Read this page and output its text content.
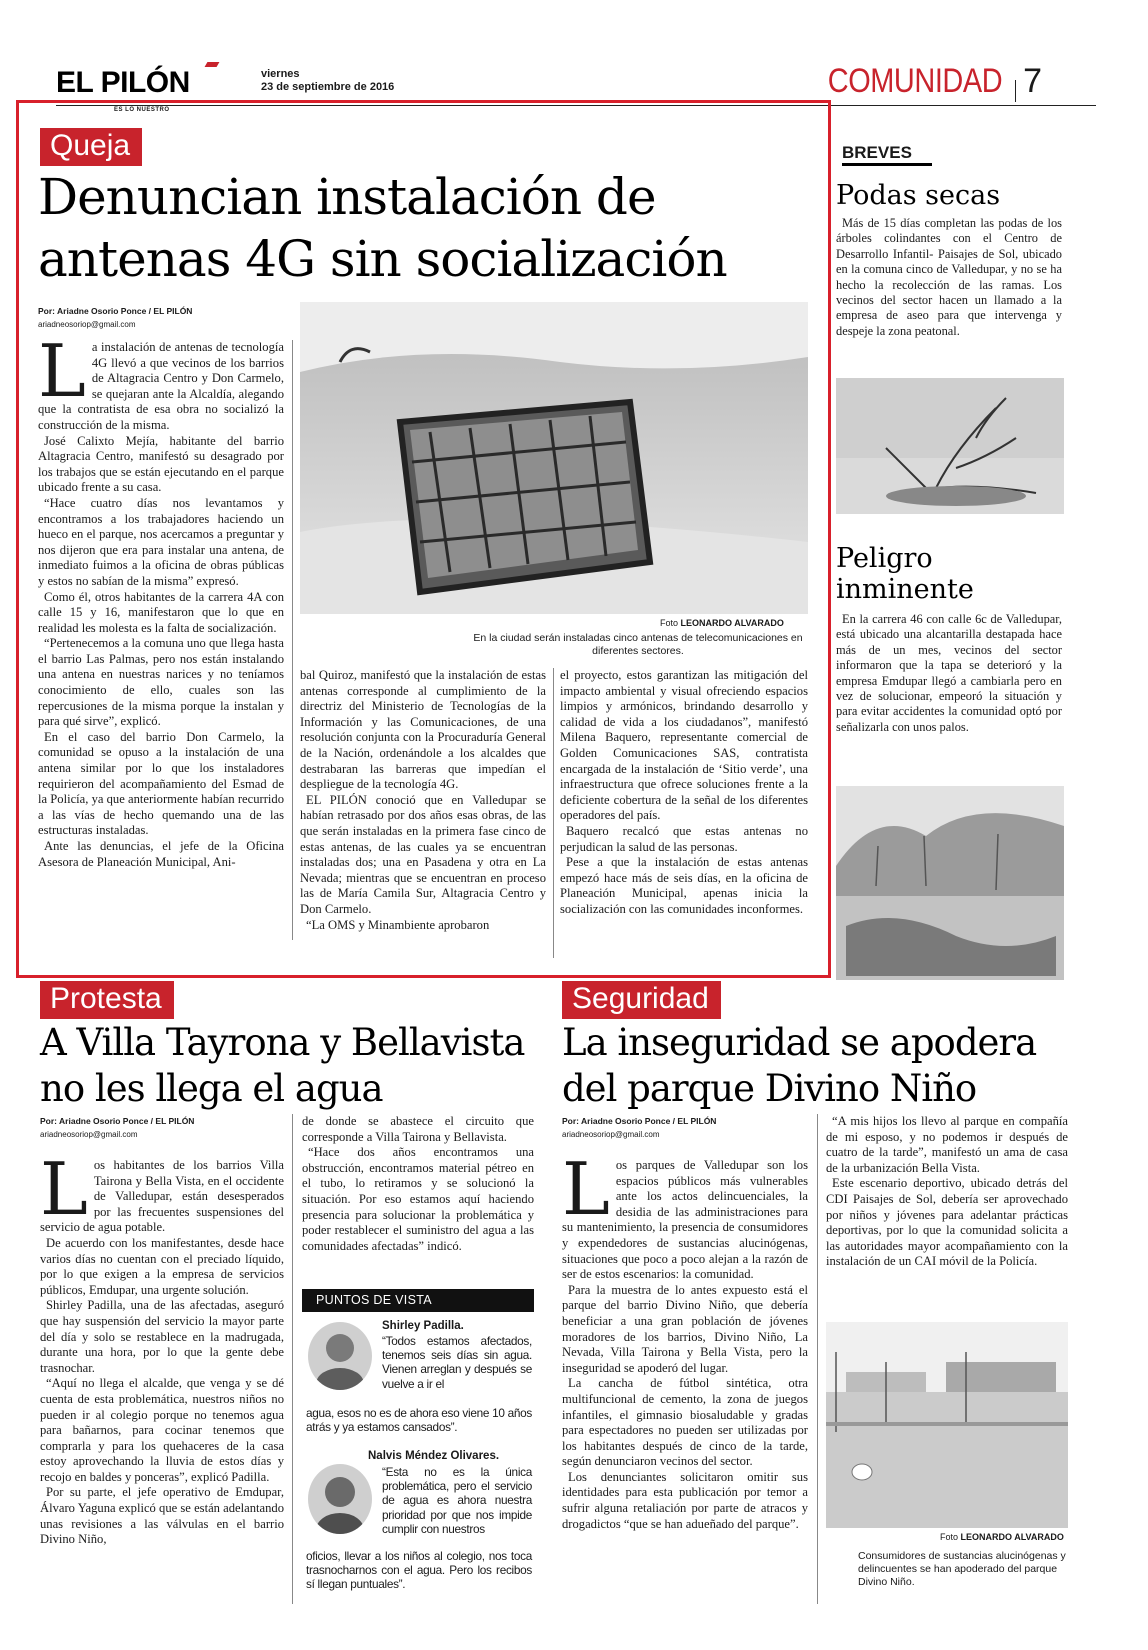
EL PILÓN
ES LO NUESTRO
viernes
23 de septiembre de 2016	COMUNIDAD 7
Queja
Denuncian instalación de
antenas 4G sin socialización
Por: Ariadne Osorio Ponce / EL PILÓN
ariadneosoriop@gmail.com

La instalación de antenas de tecnología 4G llevó a que vecinos de los barrios de Altagracia Centro y Don Carmelo, se quejaran ante la Alcaldía, alegando que la contratista de esa obra no socializó la construcción de la misma.

José Calixto Mejía, habitante del barrio Altagracia Centro, manifestó su desagrado por los trabajos que se están ejecutando en el parque ubicado frente a su casa.

“Hace cuatro días nos levantamos y encontramos a los trabajadores haciendo un hueco en el parque, nos acercamos a preguntar y nos dijeron que era para instalar una antena, de inmediato fuimos a la oficina de obras públicas y estos no sabían de la misma” expresó.

Como él, otros habitantes de la carrera 4A con calle 15 y 16, manifestaron que lo que en realidad les molesta es la falta de socialización.

“Pertenecemos a la comuna uno que llega hasta el barrio Las Palmas, pero nos están instalando una antena en nuestras narices y no teníamos conocimiento de ello, cuales son las repercusiones de la misma porque la instalan y para qué sirve”, explicó.

En el caso del barrio Don Carmelo, la comunidad se opuso a la instalación de una antena similar por lo que los instaladores requirieron del acompañamiento del Esmad de la Policía, ya que anteriormente habían recurrido a las vías de hecho quemando una de las estructuras instaladas.

Ante las denuncias, el jefe de la Oficina Asesora de Planeación Municipal, Ani-

Foto LEONARDO ALVARADO
En la ciudad serán instaladas cinco antenas de telecomunicaciones en diferentes sectores.

bal Quiroz, manifestó que la instalación de estas antenas corresponde al cumplimiento de la directriz del Ministerio de Tecnologías de la Información y las Comunicaciones, de una resolución conjunta con la Procuraduría General de la Nación, ordenándole a los alcaldes que destrabaran las barreras que impedían el despliegue de la tecnología 4G.

EL PILÓN conoció que en Valledupar se habían retrasado por dos años esas obras, de las que serán instaladas en la primera fase cinco de estas antenas, de las cuales ya se encuentran instaladas dos; una en Pasadena y otra en La Nevada; mientras que se encuentran en proceso las de María Camila Sur, Altagracia Centro y Don Carmelo.

“La OMS y Minambiente aprobaron

el proyecto, estos garantizan las mitigación del impacto ambiental y visual ofreciendo espacios limpios y armónicos, brindando desarrollo y calidad de vida a los ciudadanos”, manifestó Milena Baquero, representante comercial de Golden Comunicaciones SAS, contratista encargada de la instalación de ‘Sitio verde’, una infraestructura que ofrece soluciones frente a la deficiente cobertura de la señal de los diferentes operadores del país.

Baquero recalcó que estas antenas no perjudican la salud de las personas.

Pese a que la instalación de estas antenas empezó hace más de seis días, en la oficina de Planeación Municipal, apenas inicia la socialización con las comunidades inconformes.

BREVES
Podas secas

Más de 15 días completan las podas de los árboles colindantes con el Centro de Desarrollo Infantil- Paisajes de Sol, ubicado en la comuna cinco de Valledupar, y no se ha hecho la recolección de las ramas. Los vecinos del sector hacen un llamado a la empresa de aseo para que intervenga y despeje la zona peatonal.

Peligro
inminente

En la carrera 46 con calle 6c de Valledupar, está ubicado una alcantarilla destapada hace más de un mes, vecinos del sector informaron que la tapa se deterioró y la empresa Emdupar llegó a cambiarla pero en vez de solucionar, empeoró la situación y para evitar accidentes la comunidad optó por señalizarla con unos palos.

Protesta
A Villa Tayrona y Bellavista
no les llega el agua
Por: Ariadne Osorio Ponce / EL PILÓN
ariadneosoriop@gmail.com

Los habitantes de los barrios Villa Tairona y Bella Vista, en el occidente de Valledupar, están desesperados por las frecuentes suspensiones del servicio de agua potable.

De acuerdo con los manifestantes, desde hace varios días no cuentan con el preciado líquido, por lo que exigen a la empresa de servicios públicos, Emdupar, una urgente solución.

Shirley Padilla, una de las afectadas, aseguró que hay suspensión del servicio la mayor parte del día y solo se restablece en la madrugada, durante una hora, por lo que la gente debe trasnochar.

“Aquí no llega el alcalde, que venga y se dé cuenta de esta problemática, nuestros niños no pueden ir al colegio porque no tenemos agua para bañarnos, para cocinar tenemos que comprarla y para los quehaceres de la casa estoy aprovechando la lluvia de estos días y recojo en baldes y ponceras”, explicó Padilla.

Por su parte, el jefe operativo de Emdupar, Álvaro Yaguna explicó que se están adelantando unas revisiones a las válvulas en el barrio Divino Niño,

de donde se abastece el circuito que corresponde a Villa Tairona y Bellavista.

“Hace dos años encontramos una obstrucción, encontramos material pétreo en el tubo, lo retiramos y se solucionó la situación. Por eso estamos aquí haciendo presencia para solucionar la problemática y poder restablecer el suministro del agua a las comunidades afectadas” indicó.

PUNTOS DE VISTA
Shirley Padilla.
“Todos estamos afectados, tenemos seis días sin agua. Vienen arreglan y después se vuelve a ir el
agua, esos no es de ahora eso viene 10 años atrás y ya estamos cansados”.
Nalvis Méndez Olivares.
“Esta no es la única problemática, pero el servicio de agua es ahora nuestra prioridad por que nos impide cumplir con nuestros
oficios, llevar a los niños al colegio, nos toca trasnocharnos con el agua. Pero los recibos sí llegan puntuales”.
Seguridad
La inseguridad se apodera
del parque Divino Niño
Por: Ariadne Osorio Ponce / EL PILÓN
ariadneosoriop@gmail.com

Los parques de Valledupar son los espacios públicos más vulnerables ante los actos delincuenciales, la desidia de las administraciones para su mantenimiento, la presencia de consumidores y expendedores de sustancias alucinógenas, situaciones que poco a poco alejan a la razón de ser de estos escenarios: la comunidad.

Para la muestra de lo antes expuesto está el parque del barrio Divino Niño, que debería beneficiar a una gran población de jóvenes moradores de los barrios, Divino Niño, La Nevada, Villa Tairona y Bella Vista, pero la inseguridad se apoderó del lugar.

La cancha de fútbol sintética, otra multifuncional de cemento, la zona de juegos infantiles, el gimnasio biosaludable y gradas para espectadores no pueden ser utilizadas por los habitantes después de cinco de la tarde, según denunciaron vecinos del sector.

Los denunciantes solicitaron omitir sus identidades para esta publicación por temor a sufrir alguna retaliación por parte de atracos y drogadictos “que se han adueñado del parque”.

“A mis hijos los llevo al parque en compañía de mi esposo, y no podemos ir después de cuatro de la tarde”, manifestó un ama de casa de la urbanización Bella Vista.

Este escenario deportivo, ubicado detrás del CDI Paisajes de Sol, debería ser aprovechado por niños y jóvenes para adelantar prácticas deportivas, por lo que la comunidad solicita a las autoridades mayor acompañamiento con la instalación de un CAI móvil de la Policía.

Foto LEONARDO ALVARADO
Consumidores de sustancias alucinógenas y delincuentes se han apoderado del parque Divino Niño.
